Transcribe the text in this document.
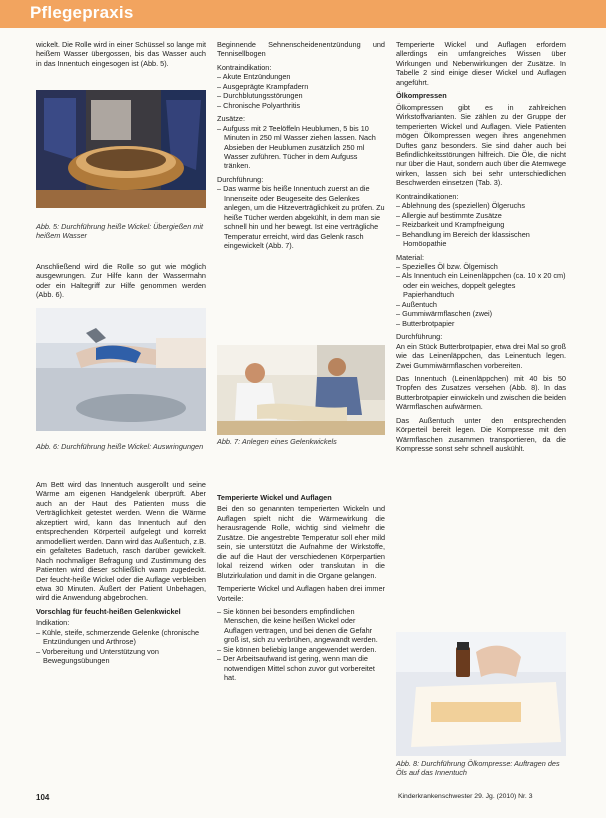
Pflegepraxis

wickelt. Die Rolle wird in einer Schüssel so lange mit heißem Wasser übergossen, bis das Wasser auch in das Innentuch eingesogen ist (Abb. 5).

Abb. 5: Durchführung heiße Wickel: Übergießen mit heißem Wasser

Anschließend wird die Rolle so gut wie möglich ausgewrungen. Zur Hilfe kann der Wassermahn oder ein Haltegriff zur Hilfe genommen werden (Abb. 6).

Abb. 6: Durchführung heiße Wickel: Auswringungen

Am Bett wird das Innentuch ausgerollt und seine Wärme am eigenen Handgelenk überprüft. Aber auch an der Haut des Patienten muss die Verträglichkeit getestet werden. Wenn die Wärme akzeptiert wird, kann das Innentuch auf den entsprechenden Körperteil aufgelegt und korrekt anmodelliert werden. Dann wird das Außentuch, z.B. ein gefaltetes Badetuch, rasch darüber gewickelt. Nach nochmaliger Befragung und Zustimmung des Patienten wird dieser schließlich warm zugedeckt. Der feucht-heiße Wickel oder die Auflage verbleiben etwa 30 Minuten. Äußert der Patient Unbehagen, wird die Anwendung abgebrochen.

Vorschlag für feucht-heißen Gelenkwickel
Indikation:
– Kühle, steife, schmerzende Gelenke (chronische Entzündungen und Arthrose)
– Vorbereitung und Unterstützung von Bewegungsübungen

Beginnende Sehnenscheidenentzündung und Tennisellbogen

Kontraindikation:
– Akute Entzündungen
– Ausgeprägte Krampfadern
– Durchblutungsstörungen
– Chronische Polyarthritis
Zusätze:
– Aufguss mit 2 Teelöffeln Heublumen, 5 bis 10 Minuten in 250 ml Wasser ziehen lassen. Nach Absieben der Heublumen zusätzlich 250 ml Wasser zuführen. Tücher in dem Aufguss tränken.
Durchführung:
– Das warme bis heiße Innentuch zuerst an die Innenseite oder Beugeseite des Gelenkes anlegen, um die Hitzeverträglichkeit zu prüfen. Zu heiße Tücher werden abgekühlt, in dem man sie schnell hin und her bewegt. Ist eine verträgliche Temperatur erreicht, wird das Gelenk rasch eingewickelt (Abb. 7).
Abb. 7: Anlegen eines Gelenkwickels
Temperierte Wickel und Auflagen

Bei den so genannten temperierten Wickeln und Auflagen spielt nicht die Wärmewirkung die herausragende Rolle, wichtig sind vielmehr die Zusätze. Die angestrebte Temperatur soll eher mild sein, sie unterstützt die Aufnahme der Wirkstoffe, die auf die Haut der verschiedenen Körperpartien lokal reizend wirken oder transkutan in die Blutzirkulation und damit in die Organe gelangen.

Temperierte Wickel und Auflagen haben drei immer Vorteile:

– Sie können bei besonders empfindlichen Menschen, die keine heißen Wickel oder Auflagen vertragen, und bei denen die Gefahr groß ist, sich zu verbrühen, angewandt werden.
– Sie können beliebig lange angewendet werden.
– Der Arbeitsaufwand ist gering, wenn man die notwendigen Mittel schon zuvor gut vorbereitet hat.

Temperierte Wickel und Auflagen erfordern allerdings ein umfangreiches Wissen über Wirkungen und Nebenwirkungen der Zusätze. In Tabelle 2 sind einige dieser Wickel und Auflagen angeführt.

Ölkompressen

Ölkompressen gibt es in zahlreichen Wirkstoffvarianten. Sie zählen zu der Gruppe der temperierten Wickel und Auflagen. Viele Patienten mögen Ölkompressen wegen ihres angenehmen Duftes ganz besonders. Sie sind daher auch bei Befindlichkeitsstörungen hilfreich. Die Öle, die nicht nur über die Haut, sondern auch über die Atemwege wirken, lassen sich bei sehr unterschiedlichen Beschwerden einsetzen (Tab. 3).

Kontraindikationen:
– Ablehnung des (speziellen) Ölgeruchs
– Allergie auf bestimmte Zusätze
– Reizbarkeit und Krampfneigung
– Behandlung im Bereich der klassischen Homöopathie
Material:
– Spezielles Öl bzw. Ölgemisch
– Als Innentuch ein Leinenläppchen (ca. 10 x 20 cm) oder ein weiches, doppelt gelegtes Papierhandtuch
– Außentuch
– Gummiwärmflaschen (zwei)
– Butterbrotpapier
Durchführung:

An ein Stück Butterbrotpapier, etwa drei Mal so groß wie das Leinenläppchen, das Leinentuch legen. Zwei Gummiwärmflaschen vorbereiten.

Das Innentuch (Leinenläppchen) mit 40 bis 50 Tropfen des Zusatzes versehen (Abb. 8). In das Butterbrotpapier einwickeln und zwischen die beiden Wärmflaschen aufwärmen.

Das Außentuch unter den entsprechenden Körperteil bereit legen. Die Kompresse mit den Wärmflaschen zusammen transportieren, da die Kompresse sonst sehr schnell auskühlt.

Abb. 8: Durchführung Ölkompresse: Auftragen des Öls auf das Innentuch
104	Kinderkrankenschwester 29. Jg. (2010) Nr. 3
